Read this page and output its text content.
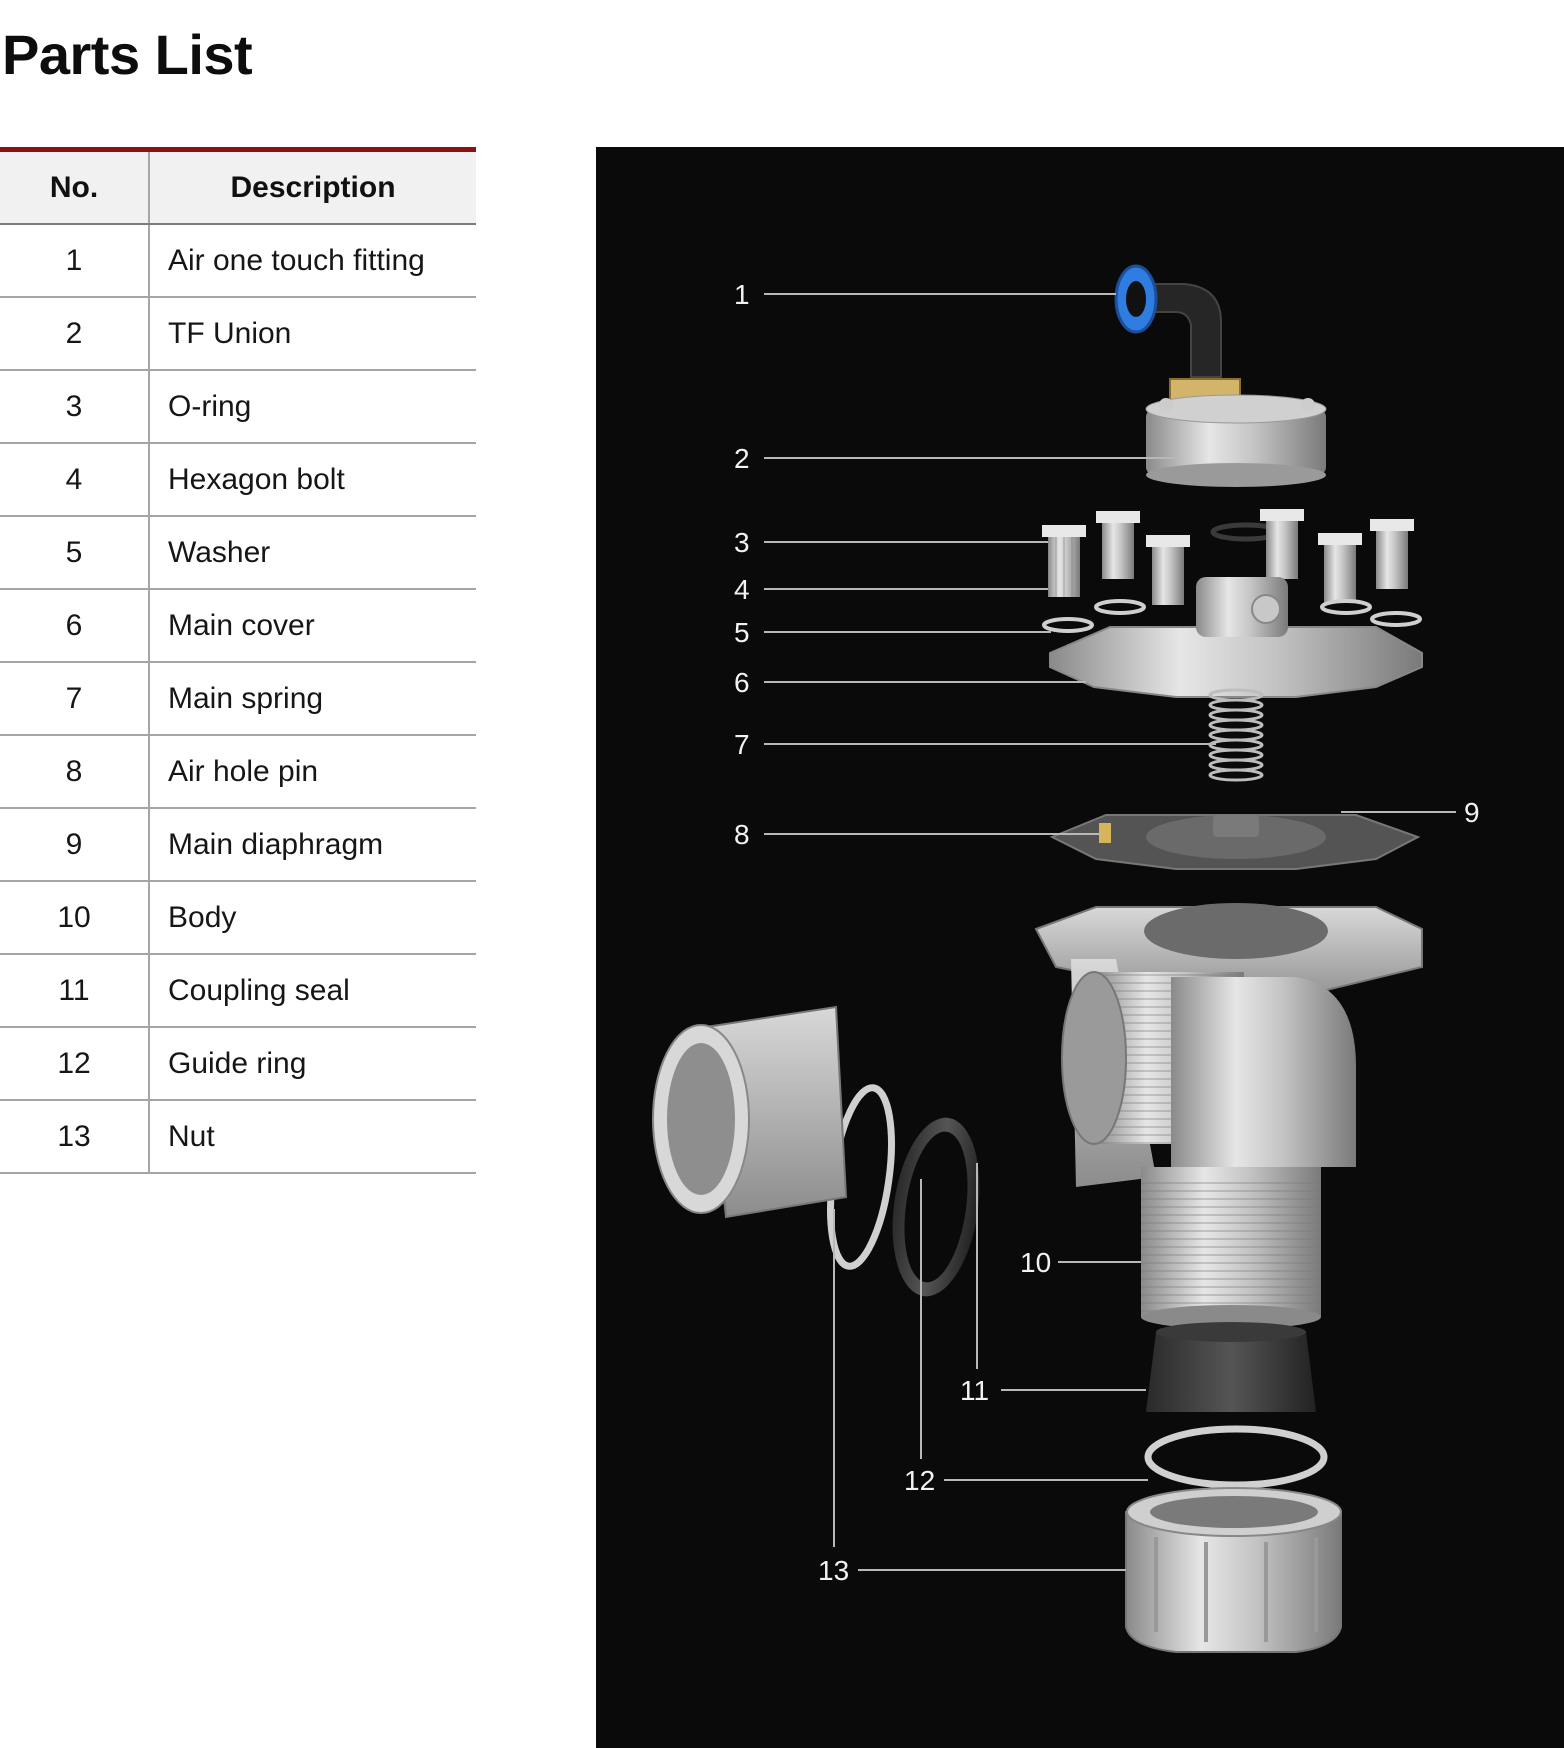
Parts List
No.	Description
1	Air one touch fitting
2	TF Union
3	O-ring
4	Hexagon bolt
5	Washer
6	Main cover
7	Main spring
8	Air hole pin
9	Main diaphragm
10	Body
11	Coupling seal
12	Guide ring
13	Nut
1
2
3
4
5
6
7
8
9
10
11
12
13
